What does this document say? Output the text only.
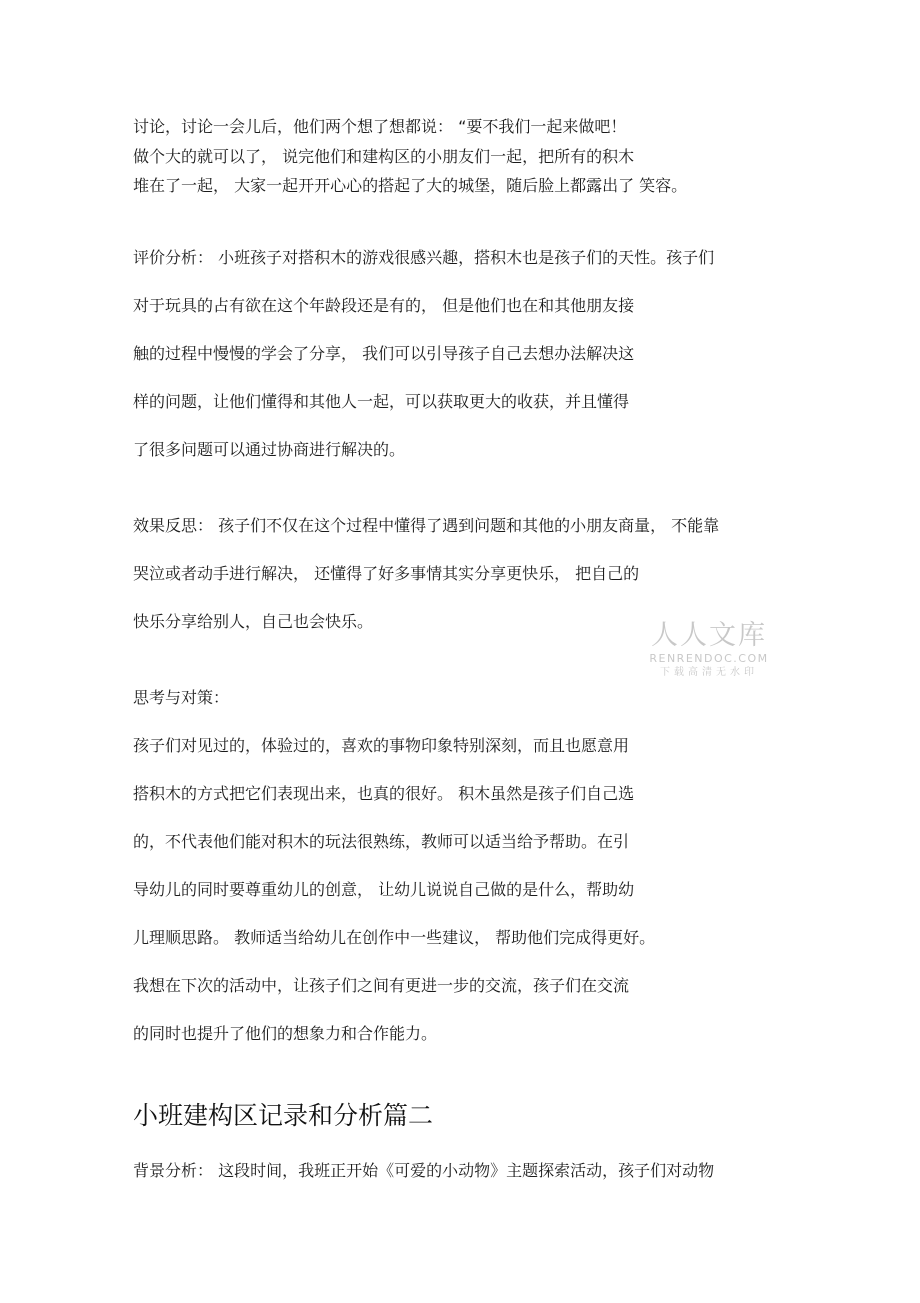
讨论，讨论一会儿后，他们两个想了想都说： “要不我们一起来做吧！
做个大的就可以了， 说完他们和建构区的小朋友们一起，把所有的积木
堆在了一起， 大家一起开开心心的搭起了大的城堡，随后脸上都露出了 笑容。
评价分析： 小班孩子对搭积木的游戏很感兴趣，搭积木也是孩子们的天性。孩子们
对于玩具的占有欲在这个年龄段还是有的， 但是他们也在和其他朋友接
触的过程中慢慢的学会了分享， 我们可以引导孩子自己去想办法解决这
样的问题，让他们懂得和其他人一起，可以获取更大的收获，并且懂得
了很多问题可以通过协商进行解决的。
效果反思： 孩子们不仅在这个过程中懂得了遇到问题和其他的小朋友商量， 不能靠
哭泣或者动手进行解决， 还懂得了好多事情其实分享更快乐， 把自己的
快乐分享给别人，自己也会快乐。
思考与对策：
孩子们对见过的，体验过的，喜欢的事物印象特别深刻，而且也愿意用
搭积木的方式把它们表现出来，也真的很好。 积木虽然是孩子们自己选
的，不代表他们能对积木的玩法很熟练，教师可以适当给予帮助。在引
导幼儿的同时要尊重幼儿的创意， 让幼儿说说自己做的是什么，帮助幼
儿理顺思路。 教师适当给幼儿在创作中一些建议， 帮助他们完成得更好。
我想在下次的活动中，让孩子们之间有更进一步的交流，孩子们在交流
的同时也提升了他们的想象力和合作能力。
小班建构区记录和分析篇二
背景分析： 这段时间，我班正开始《可爱的小动物》主题探索活动，孩子们对动物
人人文库
RENRENDOC.COM
下载高清无水印
